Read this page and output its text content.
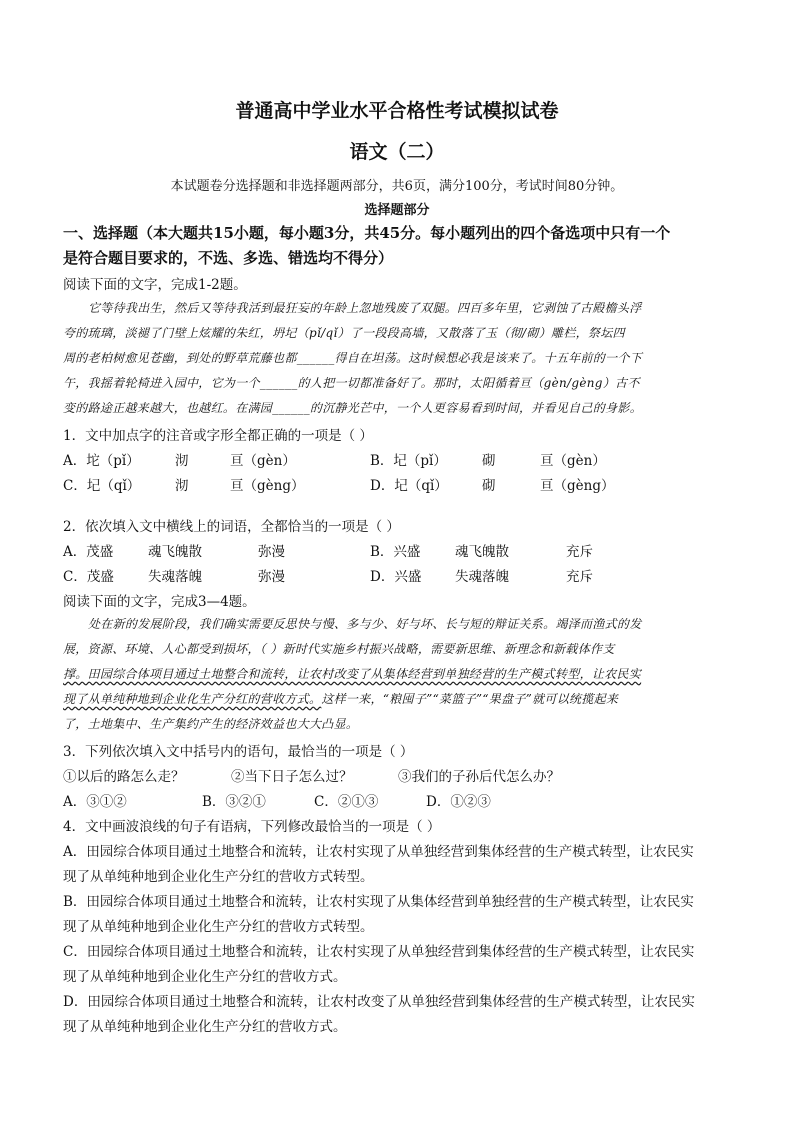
普通高中学业水平合格性考试模拟试卷
语文（二）
本试题卷分选择题和非选择题两部分，共6页，满分100分，考试时间80分钟。
选择题部分
一、选择题（本大题共15小题，每小题3分，共45分。每小题列出的四个备选项中只有一个
是符合题目要求的，不选、多选、错选均不得分）
阅读下面的文字，完成1-2题。
它等待我出生，然后又等待我活到最狂妄的年龄上忽地残废了双腿。四百多年里，它剥蚀了古殿檐头浮
夸的琉璃，淡褪了门壁上炫耀的朱红，坍圮（pǐ/qǐ）了一段段高墙，又散落了玉（彻/砌）雕栏，祭坛四
周的老柏树愈见苍幽，到处的野草荒藤也都______得自在坦荡。这时候想必我是该来了。十五年前的一个下
午，我摇着轮椅进入园中，它为一个______的人把一切都准备好了。那时，太阳循着亘（gèn/gèng）古不
变的路途正越来越大，也越红。在满园______的沉静光芒中，一个人更容易看到时间，并看见自己的身影。
1．文中加点字的注音或字形全都正确的一项是（ ）
A．坨（pǐ）	沏	亘（gèn）	B．圮（pǐ）	砌	亘（gèn）
C．圮（qǐ）	沏	亘（gèng）	D．圮（qǐ）	砌	亘（gèng）
2．依次填入文中横线上的词语，全都恰当的一项是（ ）
A．茂盛	魂飞魄散	弥漫	B．兴盛	魂飞魄散	充斥
C．茂盛	失魂落魄	弥漫	D．兴盛 失魂落魄	充斥
阅读下面的文字，完成3—4题。
处在新的发展阶段，我们确实需要反思快与慢、多与少、好与坏、长与短的辩证关系。竭泽而渔式的发
展，资源、环境、人心都受到损坏，（ ）新时代实施乡村振兴战略，需要新思维、新理念和新载体作支
撑。田园综合体项目通过土地整合和流转，让农村改变了从集体经营到单独经营的生产模式转型，让农民实
现了从单纯种地到企业化生产分红的营收方式。这样一来，“粮囤子”“菜篮子”“果盘子”就可以统揽起来
了，土地集中、生产集约产生的经济效益也大大凸显。
3．下列依次填入文中括号内的语句，最恰当的一项是（ ）
①以后的路怎么走？	②当下日子怎么过？	③我们的子孙后代怎么办？
A．③①②	B．③②①	C．②①③	D．①②③
4．文中画波浪线的句子有语病，下列修改最恰当的一项是（ ）
A．田园综合体项目通过土地整合和流转，让农村实现了从单独经营到集体经营的生产模式转型，让农民实
现了从单纯种地到企业化生产分红的营收方式转型。
B．田园综合体项目通过土地整合和流转，让农村实现了从集体经营到单独经营的生产模式转型，让农民实
现了从单纯种地到企业化生产分红的营收方式转型。
C．田园综合体项目通过土地整合和流转，让农村实现了从单独经营到集体经营的生产模式转型，让农民实
现了从单纯种地到企业化生产分红的营收方式。
D．田园综合体项目通过土地整合和流转，让农村改变了从单独经营到集体经营的生产模式转型，让农民实
现了从单纯种地到企业化生产分红的营收方式。
